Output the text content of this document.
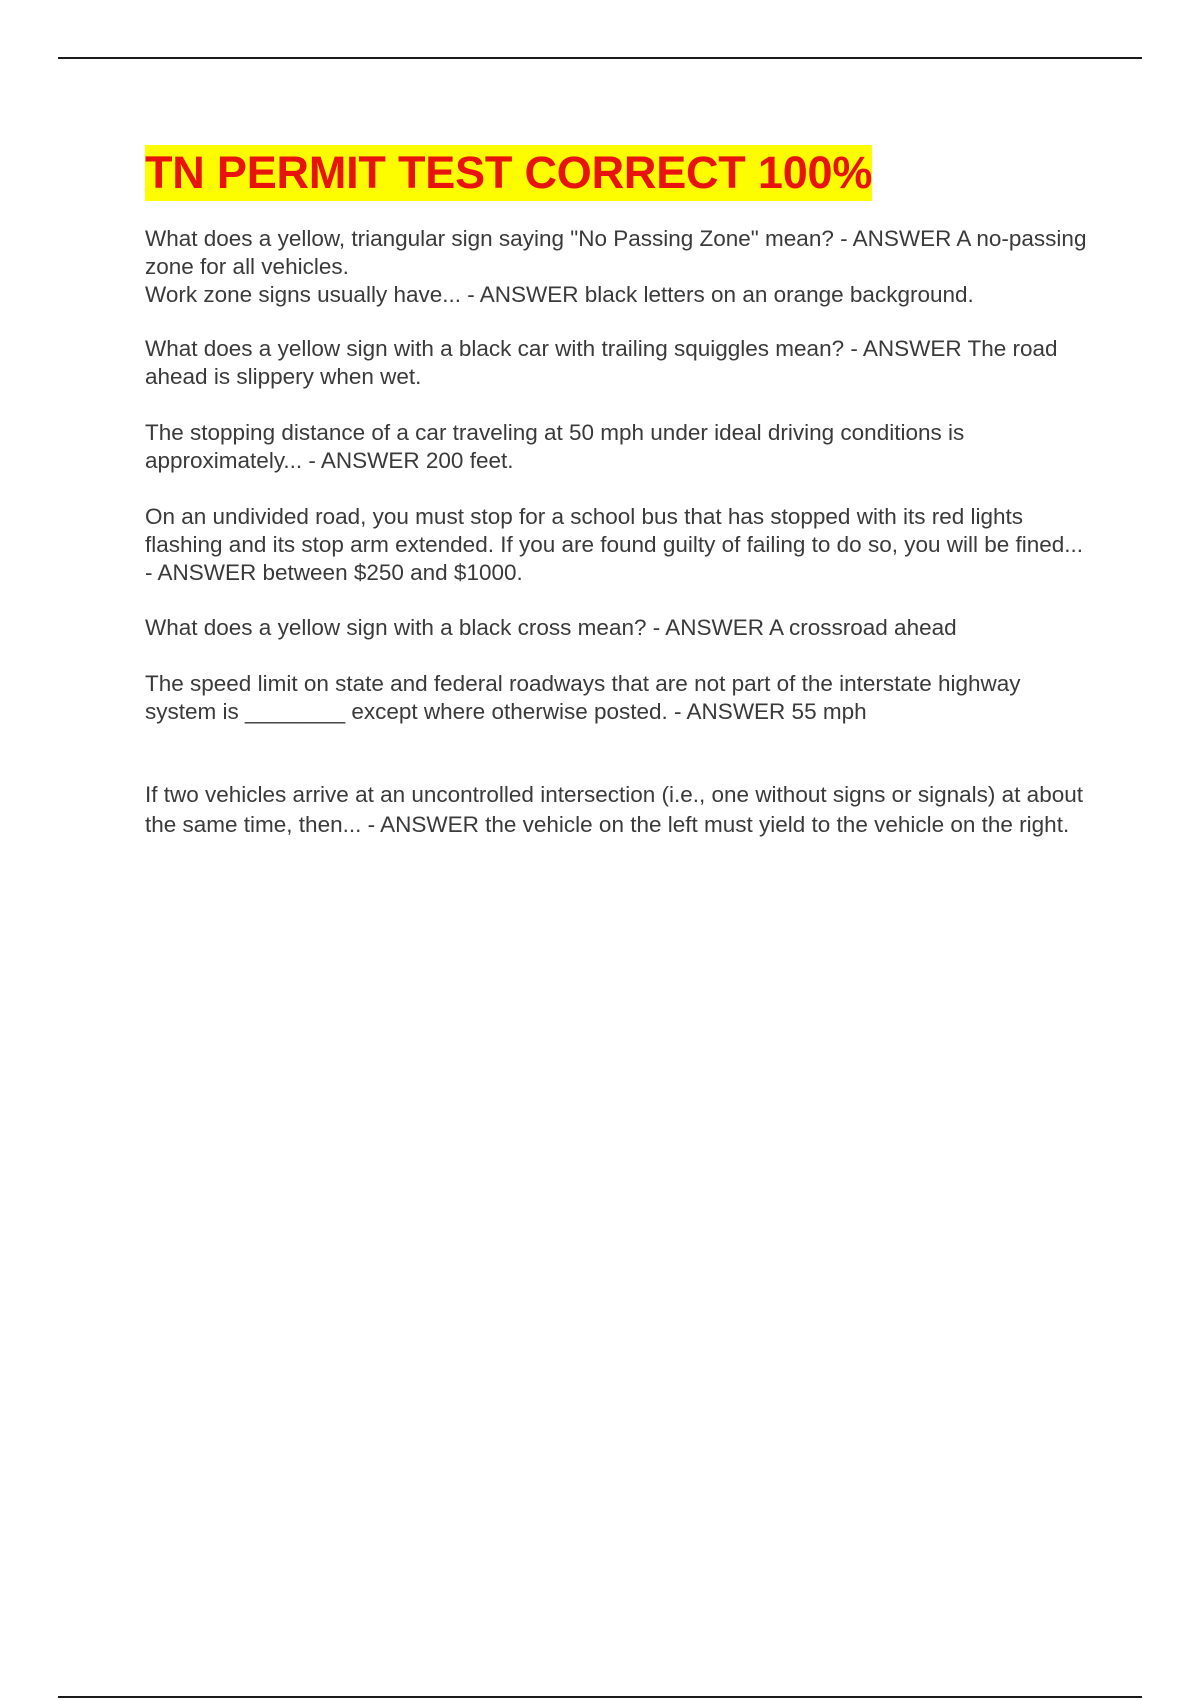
TN PERMIT TEST CORRECT 100%

What does a yellow, triangular sign saying "No Passing Zone" mean? - ANSWER A no-passing zone for all vehicles.

Work zone signs usually have... - ANSWER black letters on an orange background.

What does a yellow sign with a black car with trailing squiggles mean? - ANSWER The road ahead is slippery when wet.

The stopping distance of a car traveling at 50 mph under ideal driving conditions is approximately... - ANSWER 200 feet.

On an undivided road, you must stop for a school bus that has stopped with its red lights flashing and its stop arm extended. If you are found guilty of failing to do so, you will be fined... - ANSWER between $250 and $1000.

What does a yellow sign with a black cross mean? - ANSWER A crossroad ahead

The speed limit on state and federal roadways that are not part of the interstate highway system is ________ except where otherwise posted. - ANSWER 55 mph

If two vehicles arrive at an uncontrolled intersection (i.e., one without signs or signals) at about the same time, then... - ANSWER the vehicle on the left must yield to the vehicle on the right.
